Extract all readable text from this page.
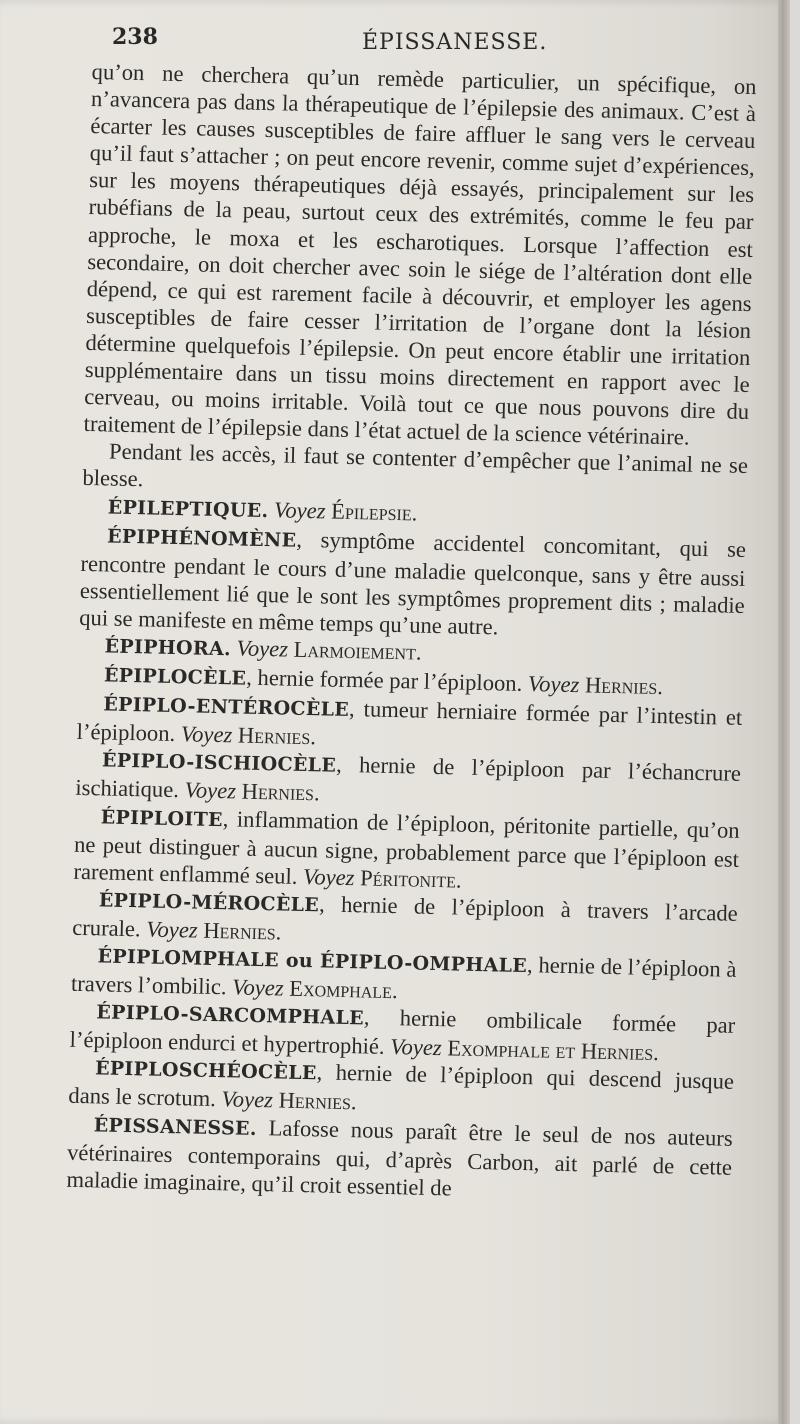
238	ÉPISSANESSE.

qu’on ne cherchera qu’un remède particulier, un spécifique, on n’avancera pas dans la thérapeutique de l’épilepsie des animaux. C’est à écarter les causes susceptibles de faire affluer le sang vers le cerveau qu’il faut s’attacher ; on peut encore revenir, comme sujet d’expériences, sur les moyens thérapeutiques déjà essayés, principalement sur les rubéfians de la peau, surtout ceux des extrémités, comme le feu par approche, le moxa et les escharotiques. Lorsque l’affection est secondaire, on doit chercher avec soin le siége de l’altération dont elle dépend, ce qui est rarement facile à découvrir, et employer les agens susceptibles de faire cesser l’irritation de l’organe dont la lésion détermine quelquefois l’épilepsie. On peut encore établir une irritation supplémentaire dans un tissu moins directement en rapport avec le cerveau, ou moins irritable. Voilà tout ce que nous pouvons dire du traitement de l’épilepsie dans l’état actuel de la science vétérinaire.

Pendant les accès, il faut se contenter d’empêcher que l’animal ne se blesse.

ÉPILEPTIQUE. Voyez Épilepsie.

ÉPIPHÉNOMÈNE, symptôme accidentel concomitant, qui se rencontre pendant le cours d’une maladie quelconque, sans y être aussi essentiellement lié que le sont les symptômes proprement dits ; maladie qui se manifeste en même temps qu’une autre.

ÉPIPHORA. Voyez Larmoiement.

ÉPIPLOCÈLE, hernie formée par l’épiploon. Voyez Hernies.

ÉPIPLO-ENTÉROCÈLE, tumeur herniaire formée par l’intestin et l’épiploon. Voyez Hernies.

ÉPIPLO-ISCHIOCÈLE, hernie de l’épiploon par l’échancrure ischiatique. Voyez Hernies.

ÉPIPLOITE, inflammation de l’épiploon, péritonite partielle, qu’on ne peut distinguer à aucun signe, probablement parce que l’épiploon est rarement enflammé seul. Voyez Péritonite.

ÉPIPLO-MÉROCÈLE, hernie de l’épiploon à travers l’arcade crurale. Voyez Hernies.

ÉPIPLOMPHALE ou ÉPIPLO-OMPHALE, hernie de l’épiploon à travers l’ombilic. Voyez Exomphale.

ÉPIPLO-SARCOMPHALE, hernie ombilicale formée par l’épiploon endurci et hypertrophié. Voyez Exomphale et Hernies.

ÉPIPLOSCHÉOCÈLE, hernie de l’épiploon qui descend jusque dans le scrotum. Voyez Hernies.

ÉPISSANESSE. Lafosse nous paraît être le seul de nos auteurs vétérinaires contemporains qui, d’après Carbon, ait parlé de cette maladie imaginaire, qu’il croit essentiel de
